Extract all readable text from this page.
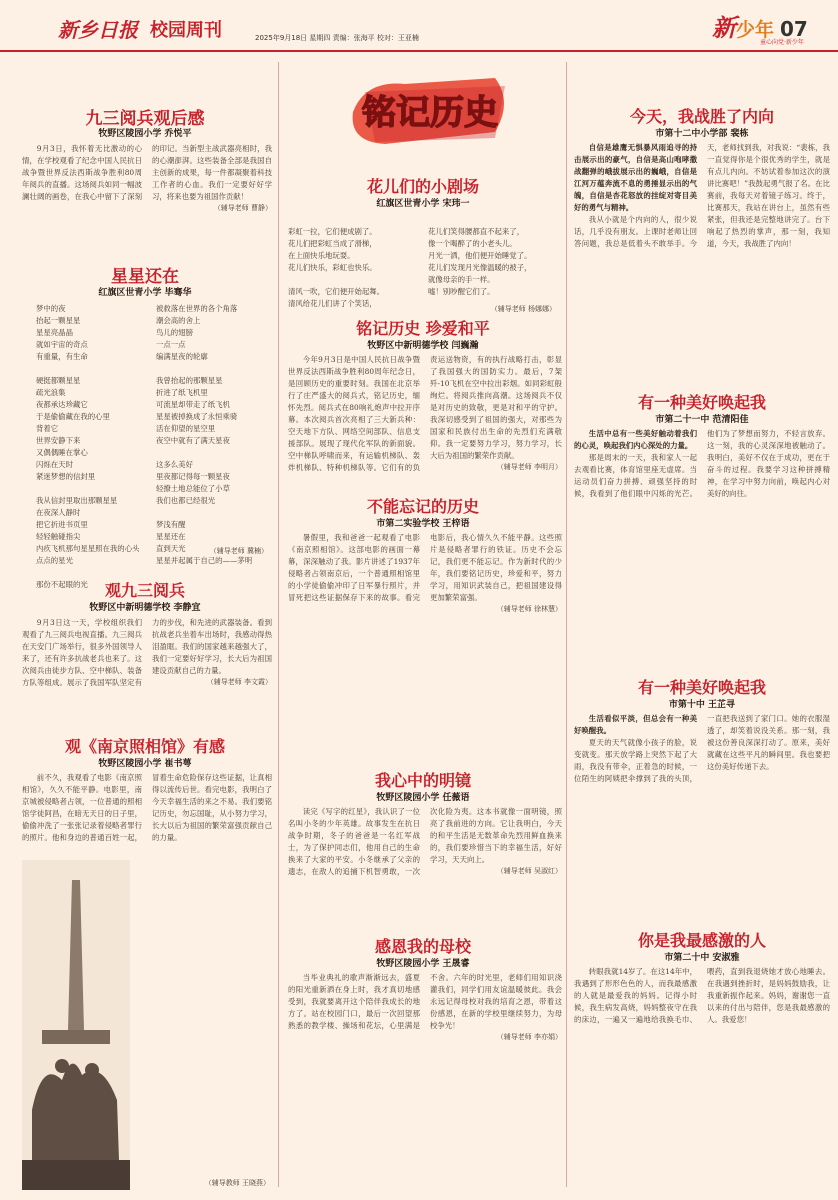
新乡日报 校园周刊	2025年9月18日 星期四 责编：张海平 校对：王亚楠	新少年 07
童心向党·新少年
铭记历史
九三阅兵观后感
牧野区陵园小学 乔悦平
9月3日，我怀着无比激动的心情，在学校观看了纪念中国人民抗日战争暨世界反法西斯战争胜利80周年阅兵的直播。这场阅兵如同一幅波澜壮阔的画卷，在我心中留下了深刻的印记。当新型主战武器亮相时，我的心潮澎湃。这些装备全部是我国自主创新的成果，每一件都凝聚着科技工作者的心血。我们一定要好好学习，将来也要为祖国作贡献！
（辅导老师 曹静）
星星还在
红旗区世青小学 毕骞华
梦中的夜
抬起一颗星星
星星亮晶晶
就如宇宙的奇点
有重量，有生命

硬挺都颗星星
疏光浪集
夜都承达珍藏它
于是偷偷藏在我的心里
背着它
世界安静下来
又偶偶睡在掌心
闪烁在天时
紧迷梦想的信封里

我从信封里取出那颗星星
在夜深人静时
把它折进书页里
轻轻触碰指尖
内疚飞机那句星星照在我的心头
点点的星光

那份不起眼的光
被救落在世界的各个角落
潮会高的舍上
鸟儿的翅膀
一点一点
编满星夜的轮廓

我曾抬起的那颗星星
折进了纸飞机里
可流星却带走了纸飞机
星星被掉换成了永恒乘骑
活在仰望的星空里
夜空中就有了满天星夜

这多么美好
里夜都记得每一颗星夜
轻撩土地总能位了小草
我们也都已经很光

梦浅有醒
星星还在
直到天光
星星并起属于自己的——茅明
（辅导老师 冀楠）
观九三阅兵
牧野区中新明德学校 李静宜
9月3日这一天，学校组织我们观看了九三阅兵电视直播。九三阅兵在天安门广场举行，很多外国领导人来了，还有许多抗战老兵也来了。这次阅兵由徒步方队、空中梯队、装备方队等组成。展示了我国军队坚定有力的步伐，和先进的武器装备。看到抗战老兵坐着车出场时，我感动得热泪盈眶。我们的国家越来越强大了，我们一定要好好学习，长大后为祖国建设贡献自己的力量。
（辅导老师 李文霞）
观《南京照相馆》有感
牧野区陵园小学 崔书萼
前不久，我观看了电影《南京照相馆》，久久不能平静。电影里，南京城被侵略者占领，一位普通的照相馆学徒阿昌，在暗无天日的日子里，偷偷冲洗了一张张记录着侵略者罪行的照片。他和身边的普通百姓一起，冒着生命危险保存这些证据，让真相得以流传后世。看完电影，我明白了今天幸福生活的来之不易。我们要铭记历史，勿忘国耻，从小努力学习，长大以后为祖国的繁荣富强贡献自己的力量。
（辅导教师 王晓燕）
花儿们的小剧场
红旗区世青小学 宋玮一
彩虹一拉，它们便成剧了。
花儿们把彩虹当成了滑梯，
在上面快乐地玩耍。
花儿们快乐，彩虹也快乐。

清风一吹，它们便开始起舞。
清风给花儿们讲了个笑话，
花儿们笑得腰都直不起来了，
像一个喝醉了的小老头儿。
月光一洒，他们便开始睡觉了。
花儿们发现月光像温暖的被子，
就像母亲的手一样。
嘘！别吵醒它们了。
（辅导老师 杨娜娜）
铭记历史 珍爱和平
牧野区中新明德学校 闫巍瀚
今年9月3日是中国人民抗日战争暨世界反法西斯战争胜利80周年纪念日，是回顾历史的重要时刻。我国在北京举行了庄严盛大的阅兵式，铭记历史，缅怀先烈。阅兵式在80响礼炮声中拉开序幕。本次阅兵首次亮相了三大新兵种：空天地下方队、网络空间部队、信息支援部队。展现了现代化军队的新面貌。空中梯队呼啸而来，有运输机梯队、轰炸机梯队、特种机梯队等。它们有的负责运送物资，有的执行战略打击，彰显了我国强大的国防实力。最后，7架歼-10飞机在空中拉出彩烟。如同彩虹般绚烂。将阅兵推向高潮。这场阅兵不仅是对历史的致敬，更是对和平的守护。我深切感受到了祖国的强大，对那些为国家和民族付出生命的先烈们充满敬仰。我一定要努力学习，努力学习，长大后为祖国的繁荣作贡献。
（辅导老师 李明月）
不能忘记的历史
市第二实验学校 王梓语
暑假里，我和爸爸一起观看了电影《南京照相馆》。这部电影的画面一幕幕，深深触动了我。影片讲述了1937年侵略者占领南京后，一个普通照相馆里的小学徒偷偷冲印了日军暴行照片，并冒死把这些证据保存下来的故事。看完电影后，我心情久久不能平静。这些照片是侵略者罪行的铁证。历史不会忘记，我们更不能忘记。作为新时代的少年，我们要铭记历史，珍爱和平，努力学习，用知识武装自己，把祖国建设得更加繁荣富强。
（辅导老师 徐林慧）
我心中的明镜
牧野区陵园小学 任薇语
读完《写字的红星》，我认识了一位名叫小冬的少年英雄。故事发生在抗日战争时期，冬子的爸爸是一名红军战士，为了保护同志们，他用自己的生命换来了大家的平安。小冬继承了父亲的遗志，在敌人的追捕下机智勇敢，一次次化险为夷。这本书就像一面明镜，照亮了我前进的方向。它让我明白，今天的和平生活是无数革命先烈用鲜血换来的，我们要珍惜当下的幸福生活，好好学习，天天向上。
（辅导老师 吴淑红）
感恩我的母校
牧野区陵园小学 王晟睿
当毕业典礼的歌声渐渐远去，盛夏的阳光重新洒在身上时，我才真切地感受到，我就要离开这个陪伴我成长的地方了。站在校园门口，最后一次回望那熟悉的教学楼、操场和花坛，心里满是不舍。六年的时光里，老师们用知识浇灌我们，同学们用友谊温暖彼此。我会永远记得母校对我的培育之恩，带着这份感恩，在新的学校里继续努力，为母校争光！
（辅导老师 李亦娟）
今天，我战胜了内向
市第十二中小学部 裴栋
自信是雄鹰无惧暴风雨追寻的持击展示出的豪气，自信是高山咆哮撒战翻弹的峨拔展示出的巍峨，自信是江河万蕴奔流不息的勇捶显示出的气魄，自信是杏花怒放的挂绽对寄目美好的勇气与精神。
我从小就是个内向的人，很少说话，几乎没有朋友。上课时老师让回答问题，我总是低着头不敢举手。今天，老师找到我，对我说：“裴栋，我一直觉得你是个很优秀的学生，就是有点儿内向。不妨试着参加这次的演讲比赛吧！”我鼓起勇气报了名。在比赛前，我每天对着镜子练习。终于，比赛那天，我站在讲台上，虽然有些紧张，但我还是完整地讲完了。台下响起了热烈的掌声，那一刻，我知道，今天，我战胜了内向！
有一种美好唤起我
市第二十一中 范清阳佳
生活中总有一些美好触动着我们的心灵，唤起我们内心深处的力量。
那是周末的一天，我和家人一起去观看比赛，体育馆里座无虚席。当运动员们奋力拼搏、顽强坚持的时候，我看到了他们眼中闪烁的光芒。他们为了梦想而努力，不轻言放弃。这一刻，我的心灵深深地被触动了。我明白，美好不仅在于成功，更在于奋斗的过程。我要学习这种拼搏精神，在学习中努力向前，唤起内心对美好的向往。
有一种美好唤起我
市第十中 王芷寻
生活看似平淡，但总会有一种美好唤醒我。
夏天的天气就像小孩子的脸，说变就变。那天放学路上突然下起了大雨，我没有带伞，正着急的时候，一位陌生的阿姨把伞撑到了我的头顶，一直把我送到了家门口。她的衣服湿透了，却笑着说没关系。那一刻，我被这份善良深深打动了。原来，美好就藏在这些平凡的瞬间里。我也要把这份美好传递下去。
你是我最感激的人
市第二十中 安淑雅
转眼我就14岁了。在这14年中，我遇到了形形色色的人，而我最感激的人就是最爱我的妈妈。记得小时候，我生病发高烧，妈妈整夜守在我的床边，一遍又一遍地给我换毛巾、喂药，直到我退烧她才放心地睡去。在我遇到挫折时，是妈妈鼓励我，让我重新振作起来。妈妈，谢谢您一直以来的付出与陪伴，您是我最感激的人。我爱您！
